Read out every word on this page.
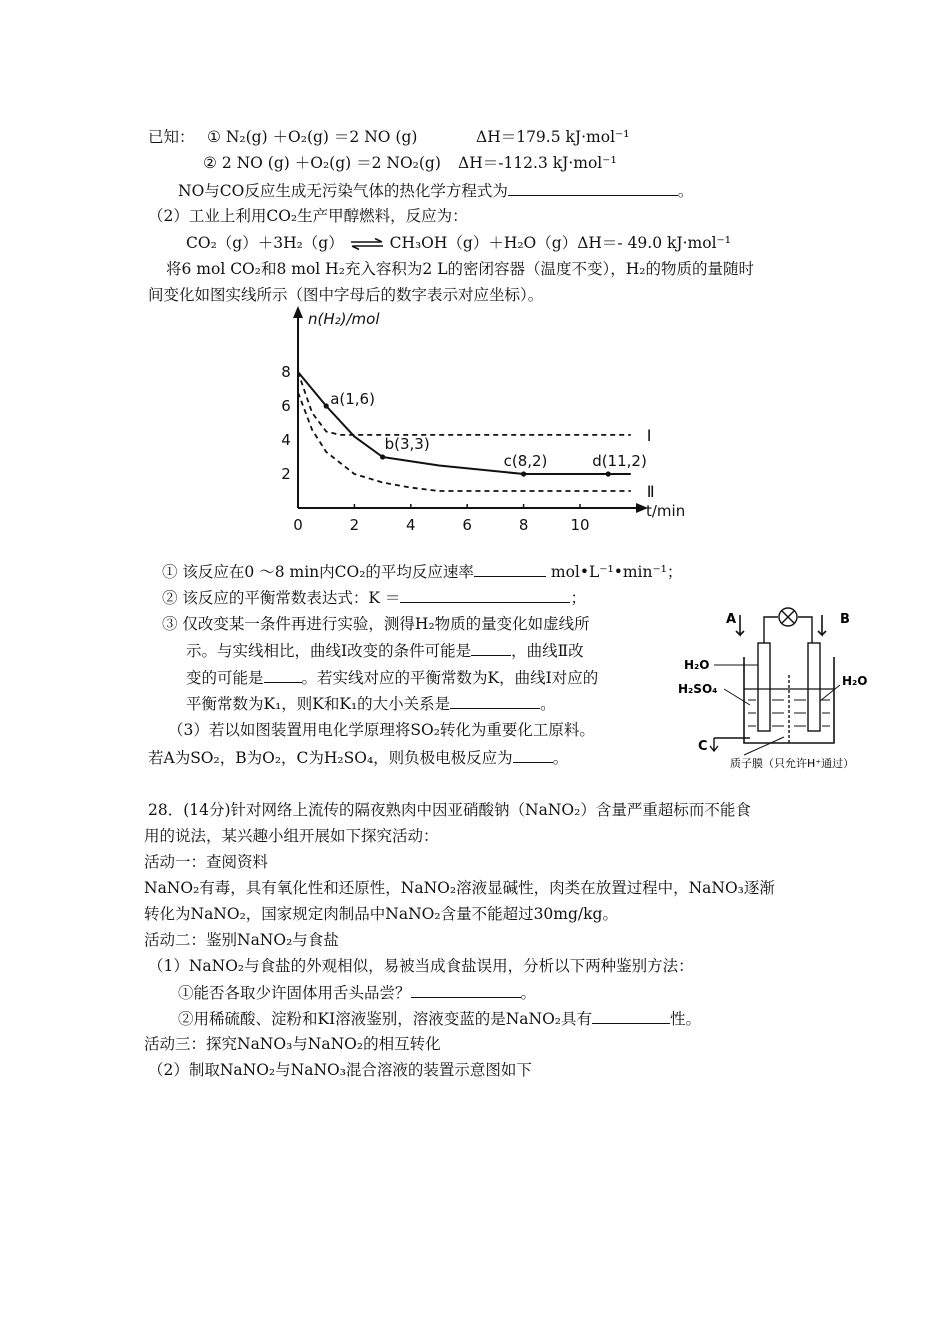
已知： ① N₂(g) ＋O₂(g) ＝2 NO (g)	ΔH＝179.5 kJ·mol⁻¹
② 2 NO (g) ＋O₂(g) ＝2 NO₂(g) ΔH＝-112.3 kJ·mol⁻¹
NO与CO反应生成无污染气体的热化学方程式为	。
（2）工业上利用CO₂生产甲醇燃料，反应为：
CO₂（g）＋3H₂（g） ⇌ CH₃OH（g）＋H₂O（g）ΔH＝- 49.0 kJ·mol⁻¹
将6 mol CO₂和8 mol H₂充入容积为2 L的密闭容器（温度不变），H₂的物质的量随时
间变化如图实线所示（图中字母后的数字表示对应坐标）。
n(H₂)/mol
t/min
0	2	4	6	8	10
2
4
6
8
a(1,6)
b(3,3)
c(8,2)	d(11,2)
Ⅰ
Ⅱ
① 该反应在0 ～8 min内CO₂的平均反应速率	mol•L⁻¹•min⁻¹；
② 该反应的平衡常数表达式：K ＝	；
③ 仅改变某一条件再进行实验，测得H₂物质的量变化如虚线所
示。与实线相比，曲线Ⅰ改变的条件可能是	，曲线Ⅱ改
变的可能是 。若实线对应的平衡常数为K，曲线Ⅰ对应的
平衡常数为K₁，则K和K₁的大小关系是	。
（3）若以如图装置用电化学原理将SO₂转化为重要化工原料。
若A为SO₂，B为O₂，C为H₂SO₄，则负极电极反应为	。
A	B
H₂O
H₂SO₄
H₂O
C
质子膜（只允许H⁺通过）
28．(14分)针对网络上流传的隔夜熟肉中因亚硝酸钠（NaNO₂）含量严重超标而不能食
用的说法，某兴趣小组开展如下探究活动：
活动一：查阅资料
NaNO₂有毒，具有氧化性和还原性，NaNO₂溶液显碱性，肉类在放置过程中，NaNO₃逐渐
转化为NaNO₂，国家规定肉制品中NaNO₂含量不能超过30mg/kg。
活动二：鉴别NaNO₂与食盐
（1）NaNO₂与食盐的外观相似，易被当成食盐误用，分析以下两种鉴别方法：
①能否各取少许固体用舌头品尝？	。
②用稀硫酸、淀粉和KI溶液鉴别，溶液变蓝的是NaNO₂具有	性。
活动三：探究NaNO₃与NaNO₂的相互转化
（2）制取NaNO₂与NaNO₃混合溶液的装置示意图如下
